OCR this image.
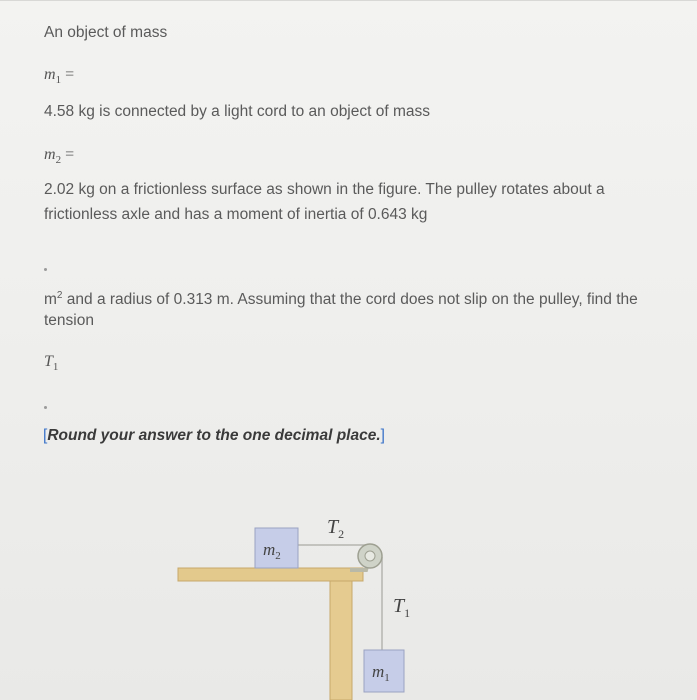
An object of mass

$m_1$ =

4.58 kg is connected by a light cord to an object of mass

$m_2$ =

2.02 kg on a frictionless surface as shown in the figure. The pulley rotates about a

frictionless axle and has a moment of inertia of 0.643 kg

$m^2$ and a radius of 0.313 m. Assuming that the cord does not slip on the pulley, find the

tension

$T_1$
[Round your answer to the one decimal place.]
$m_2$
$T_2$
$T_1$
$m_1$
